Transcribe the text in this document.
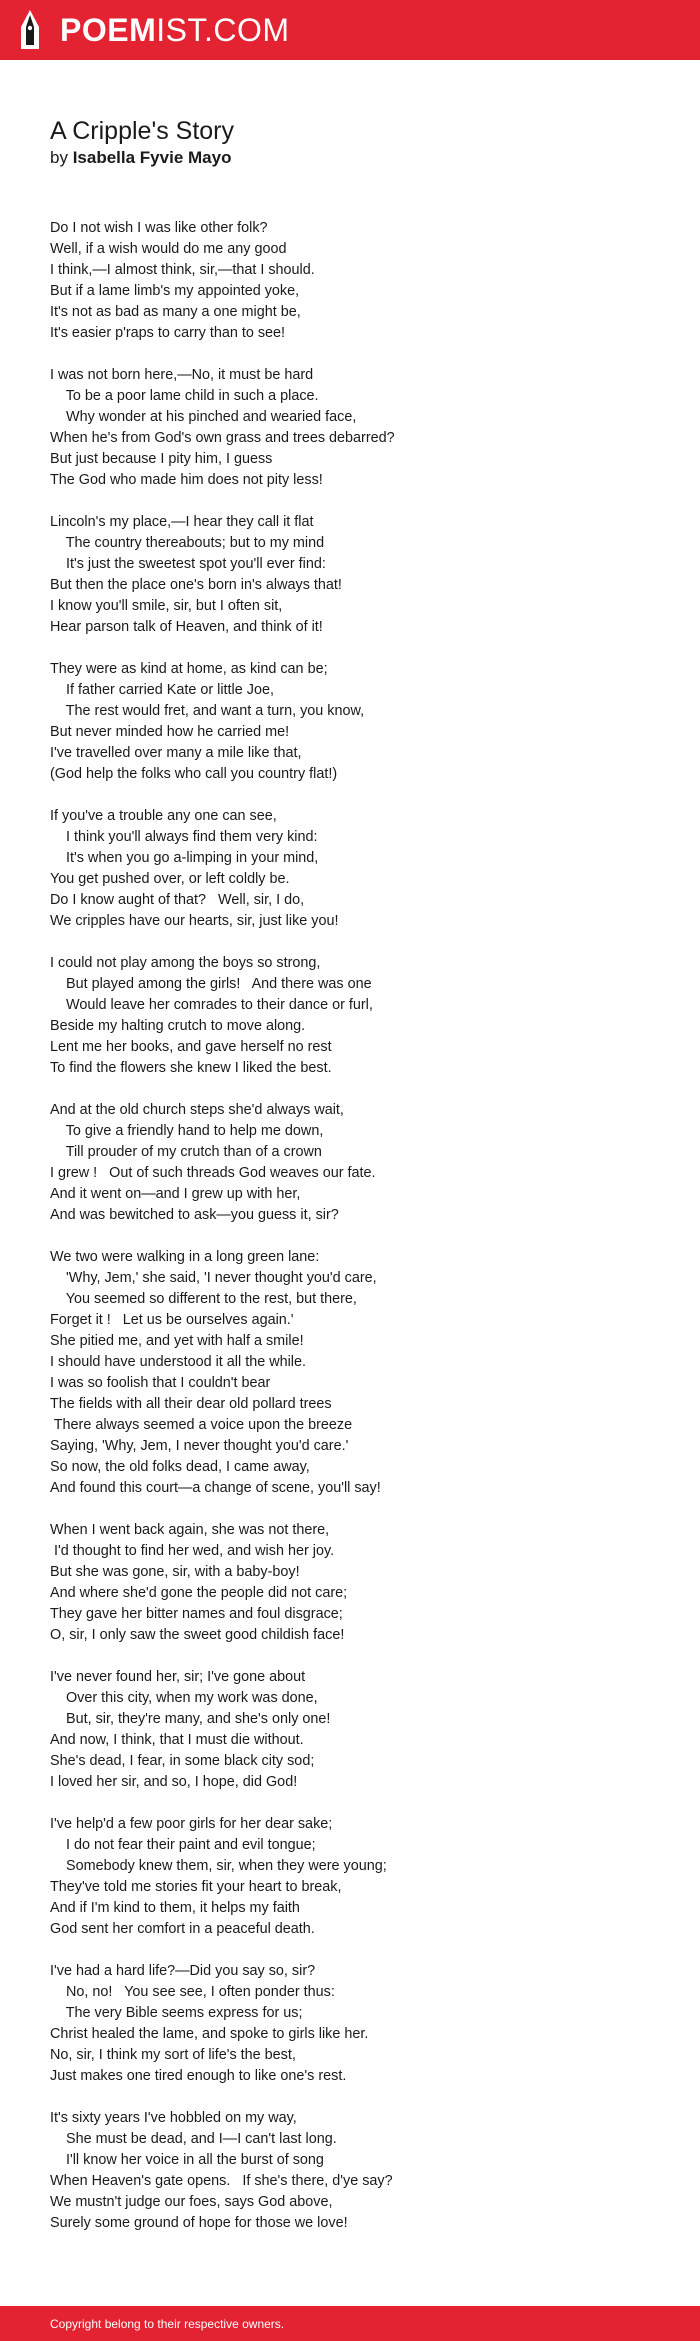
POEMIST.COM
A Cripple's Story
by Isabella Fyvie Mayo
Do I not wish I was like other folk?
Well, if a wish would do me any good
I think,—I almost think, sir,—that I should.
But if a lame limb's my appointed yoke,
It's not as bad as many a one might be,
It's easier p'raps to carry than to see!
I was not born here,—No, it must be hard
To be a poor lame child in such a place.
Why wonder at his pinched and wearied face,
When he's from God's own grass and trees debarred?
But just because I pity him, I guess
The God who made him does not pity less!
Lincoln's my place,—I hear they call it flat
The country thereabouts; but to my mind
It's just the sweetest spot you'll ever find:
But then the place one's born in's always that!
I know you'll smile, sir, but I often sit,
Hear parson talk of Heaven, and think of it!
They were as kind at home, as kind can be;
If father carried Kate or little Joe,
The rest would fret, and want a turn, you know,
But never minded how he carried me!
I've travelled over many a mile like that,
(God help the folks who call you country flat!)
If you've a trouble any one can see,
I think you'll always find them very kind:
It's when you go a-limping in your mind,
You get pushed over, or left coldly be.
Do I know aught of that?   Well, sir, I do,
We cripples have our hearts, sir, just like you!
I could not play among the boys so strong,
But played among the girls!   And there was one
Would leave her comrades to their dance or furl,
Beside my halting crutch to move along.
Lent me her books, and gave herself no rest
To find the flowers she knew I liked the best.
And at the old church steps she'd always wait,
To give a friendly hand to help me down,
Till prouder of my crutch than of a crown
I grew !   Out of such threads God weaves our fate.
And it went on—and I grew up with her,
And was bewitched to ask—you guess it, sir?
We two were walking in a long green lane:
'Why, Jem,' she said, 'I never thought you'd care,
You seemed so different to the rest, but there,
Forget it !   Let us be ourselves again.'
She pitied me, and yet with half a smile!
I should have understood it all the while.
I was so foolish that I couldn't bear
The fields with all their dear old pollard trees
There always seemed a voice upon the breeze
Saying, 'Why, Jem, I never thought you'd care.'
So now, the old folks dead, I came away,
And found this court—a change of scene, you'll say!
When I went back again, she was not there,
I'd thought to find her wed, and wish her joy.
But she was gone, sir, with a baby-boy!
And where she'd gone the people did not care;
They gave her bitter names and foul disgrace;
O, sir, I only saw the sweet good childish face!
I've never found her, sir; I've gone about
Over this city, when my work was done,
But, sir, they're many, and she's only one!
And now, I think, that I must die without.
She's dead, I fear, in some black city sod;
I loved her sir, and so, I hope, did God!
I've help'd a few poor girls for her dear sake;
I do not fear their paint and evil tongue;
Somebody knew them, sir, when they were young;
They've told me stories fit your heart to break,
And if I'm kind to them, it helps my faith
God sent her comfort in a peaceful death.
I've had a hard life?—Did you say so, sir?
No, no!   You see see, I often ponder thus:
The very Bible seems express for us;
Christ healed the lame, and spoke to girls like her.
No, sir, I think my sort of life's the best,
Just makes one tired enough to like one's rest.
It's sixty years I've hobbled on my way,
She must be dead, and I—I can't last long.
I'll know her voice in all the burst of song
When Heaven's gate opens.   If she's there, d'ye say?
We mustn't judge our foes, says God above,
Surely some ground of hope for those we love!
Copyright belong to their respective owners.
